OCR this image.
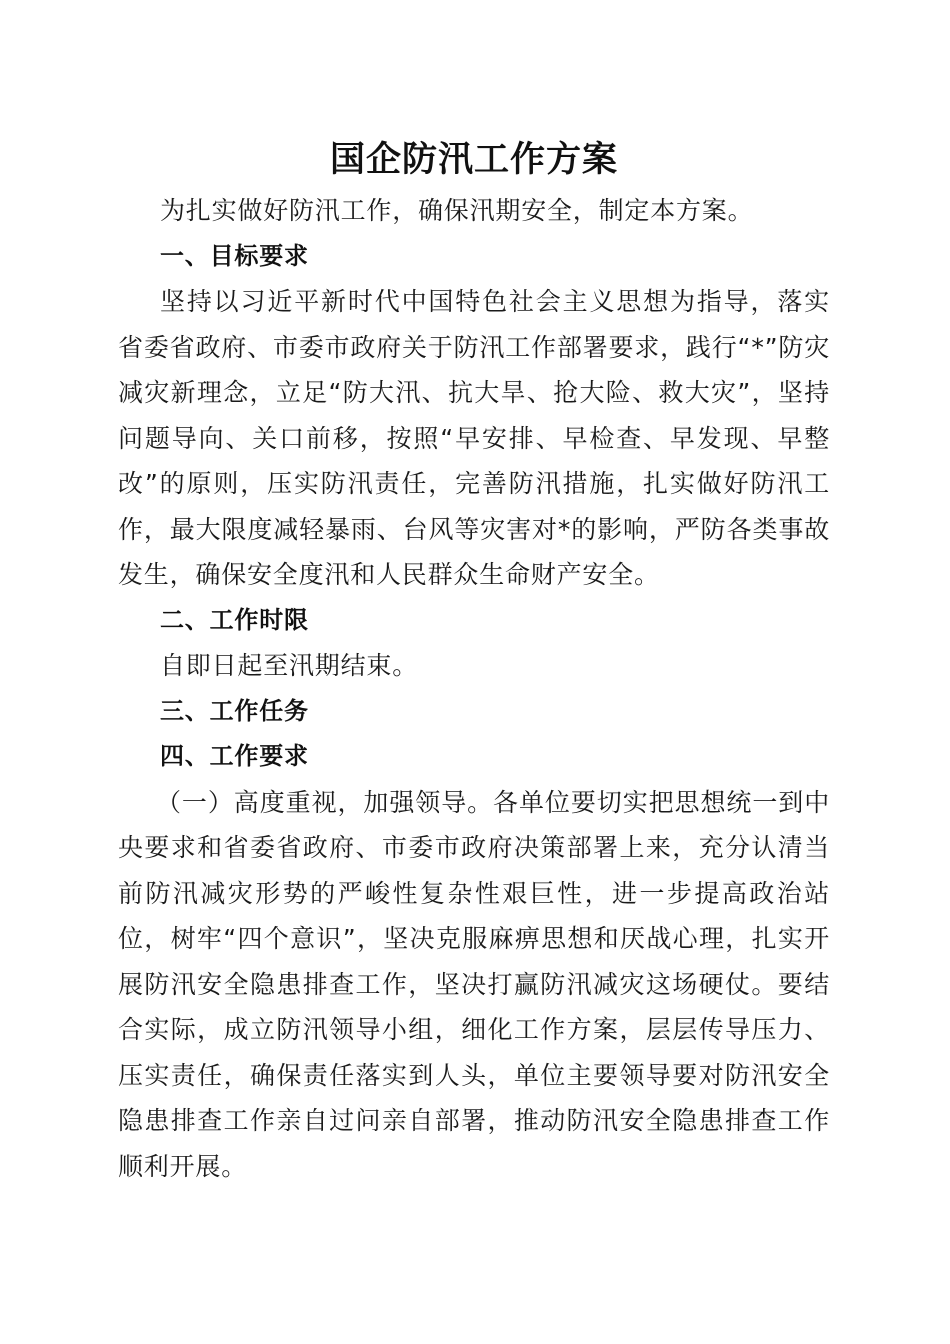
国企防汛工作方案

为扎实做好防汛工作，确保汛期安全，制定本方案。

一、目标要求

坚持以习近平新时代中国特色社会主义思想为指导，落实省委省政府、市委市政府关于防汛工作部署要求，践行“*”防灾减灾新理念，立足“防大汛、抗大旱、抢大险、救大灾”，坚持问题导向、关口前移，按照“早安排、早检查、早发现、早整改”的原则，压实防汛责任，完善防汛措施，扎实做好防汛工作，最大限度减轻暴雨、台风等灾害对*的影响，严防各类事故发生，确保安全度汛和人民群众生命财产安全。

二、工作时限

自即日起至汛期结束。

三、工作任务
四、工作要求

（一）高度重视，加强领导。各单位要切实把思想统一到中央要求和省委省政府、市委市政府决策部署上来，充分认清当前防汛减灾形势的严峻性复杂性艰巨性，进一步提高政治站位，树牢“四个意识”，坚决克服麻痹思想和厌战心理，扎实开展防汛安全隐患排查工作，坚决打赢防汛减灾这场硬仗。要结合实际，成立防汛领导小组，细化工作方案，层层传导压力、压实责任，确保责任落实到人头，单位主要领导要对防汛安全隐患排查工作亲自过问亲自部署，推动防汛安全隐患排查工作顺利开展。
